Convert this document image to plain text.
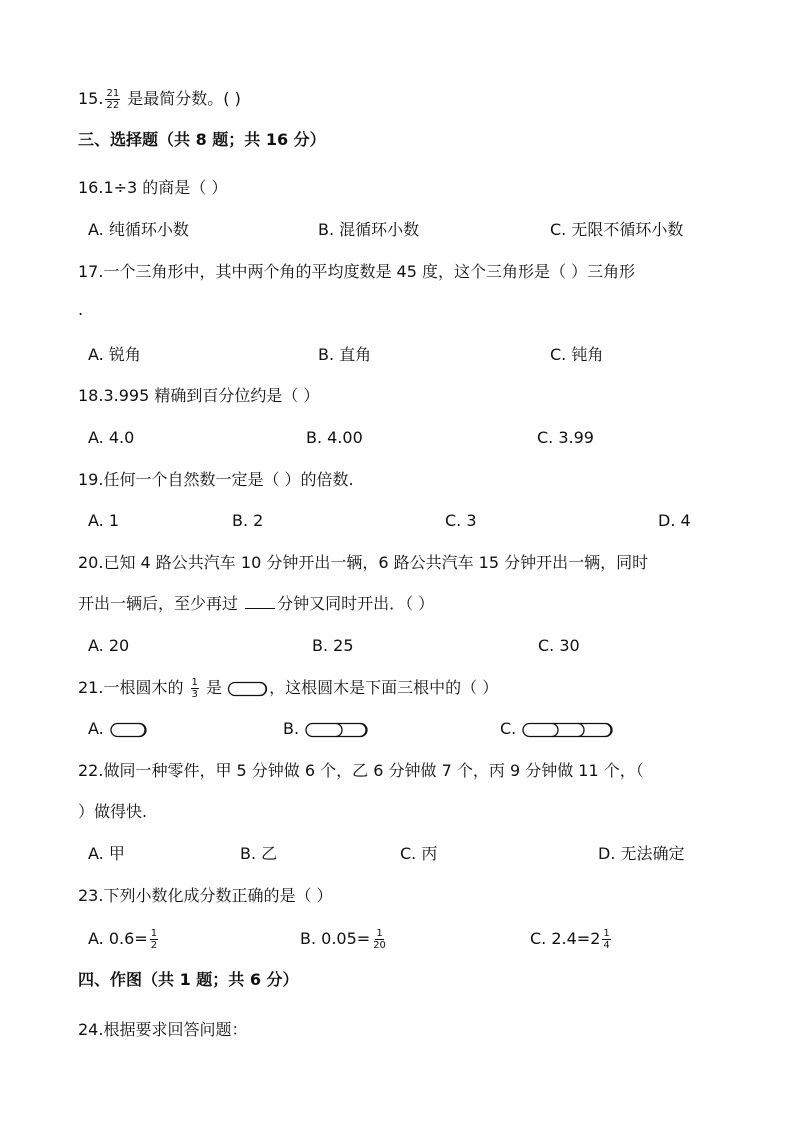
15. $\frac{21}{22}$ 是最简分数。( )
三、选择题（共 8 题；共 16 分）
16.1÷3 的商是（ ）
A. 纯循环小数	B. 混循环小数	C. 无限不循环小数
17.一个三角形中，其中两个角的平均度数是 45 度，这个三角形是（ ）三角形
.
A. 锐角	B. 直角	C. 钝角
18.3.995 精确到百分位约是（ ）
A. 4.0	B. 4.00	C. 3.99
19.任何一个自然数一定是（ ）的倍数.
A. 1	B. 2	C. 3	D. 4
20.已知 4 路公共汽车 10 分钟开出一辆，6 路公共汽车 15 分钟开出一辆，同时
开出一辆后，至少再过 分钟又同时开出．（ ）
A. 20	B. 25	C. 30
21.一根圆木的 $\frac{1}{3}$ 是	，这根圆木是下面三根中的（ ）
A.	B.	C.
22.做同一种零件，甲 5 分钟做 6 个，乙 6 分钟做 7 个，丙 9 分钟做 11 个，（
）做得快.
A. 甲	B. 乙	C. 丙	D. 无法确定
23.下列小数化成分数正确的是（ ）
A. $0.6= \frac{1}{2}$	B. $0.05= \frac{1}{20}$	C. $2.4=2 \frac{1}{4}$
四、作图（共 1 题；共 6 分）
24.根据要求回答问题：
